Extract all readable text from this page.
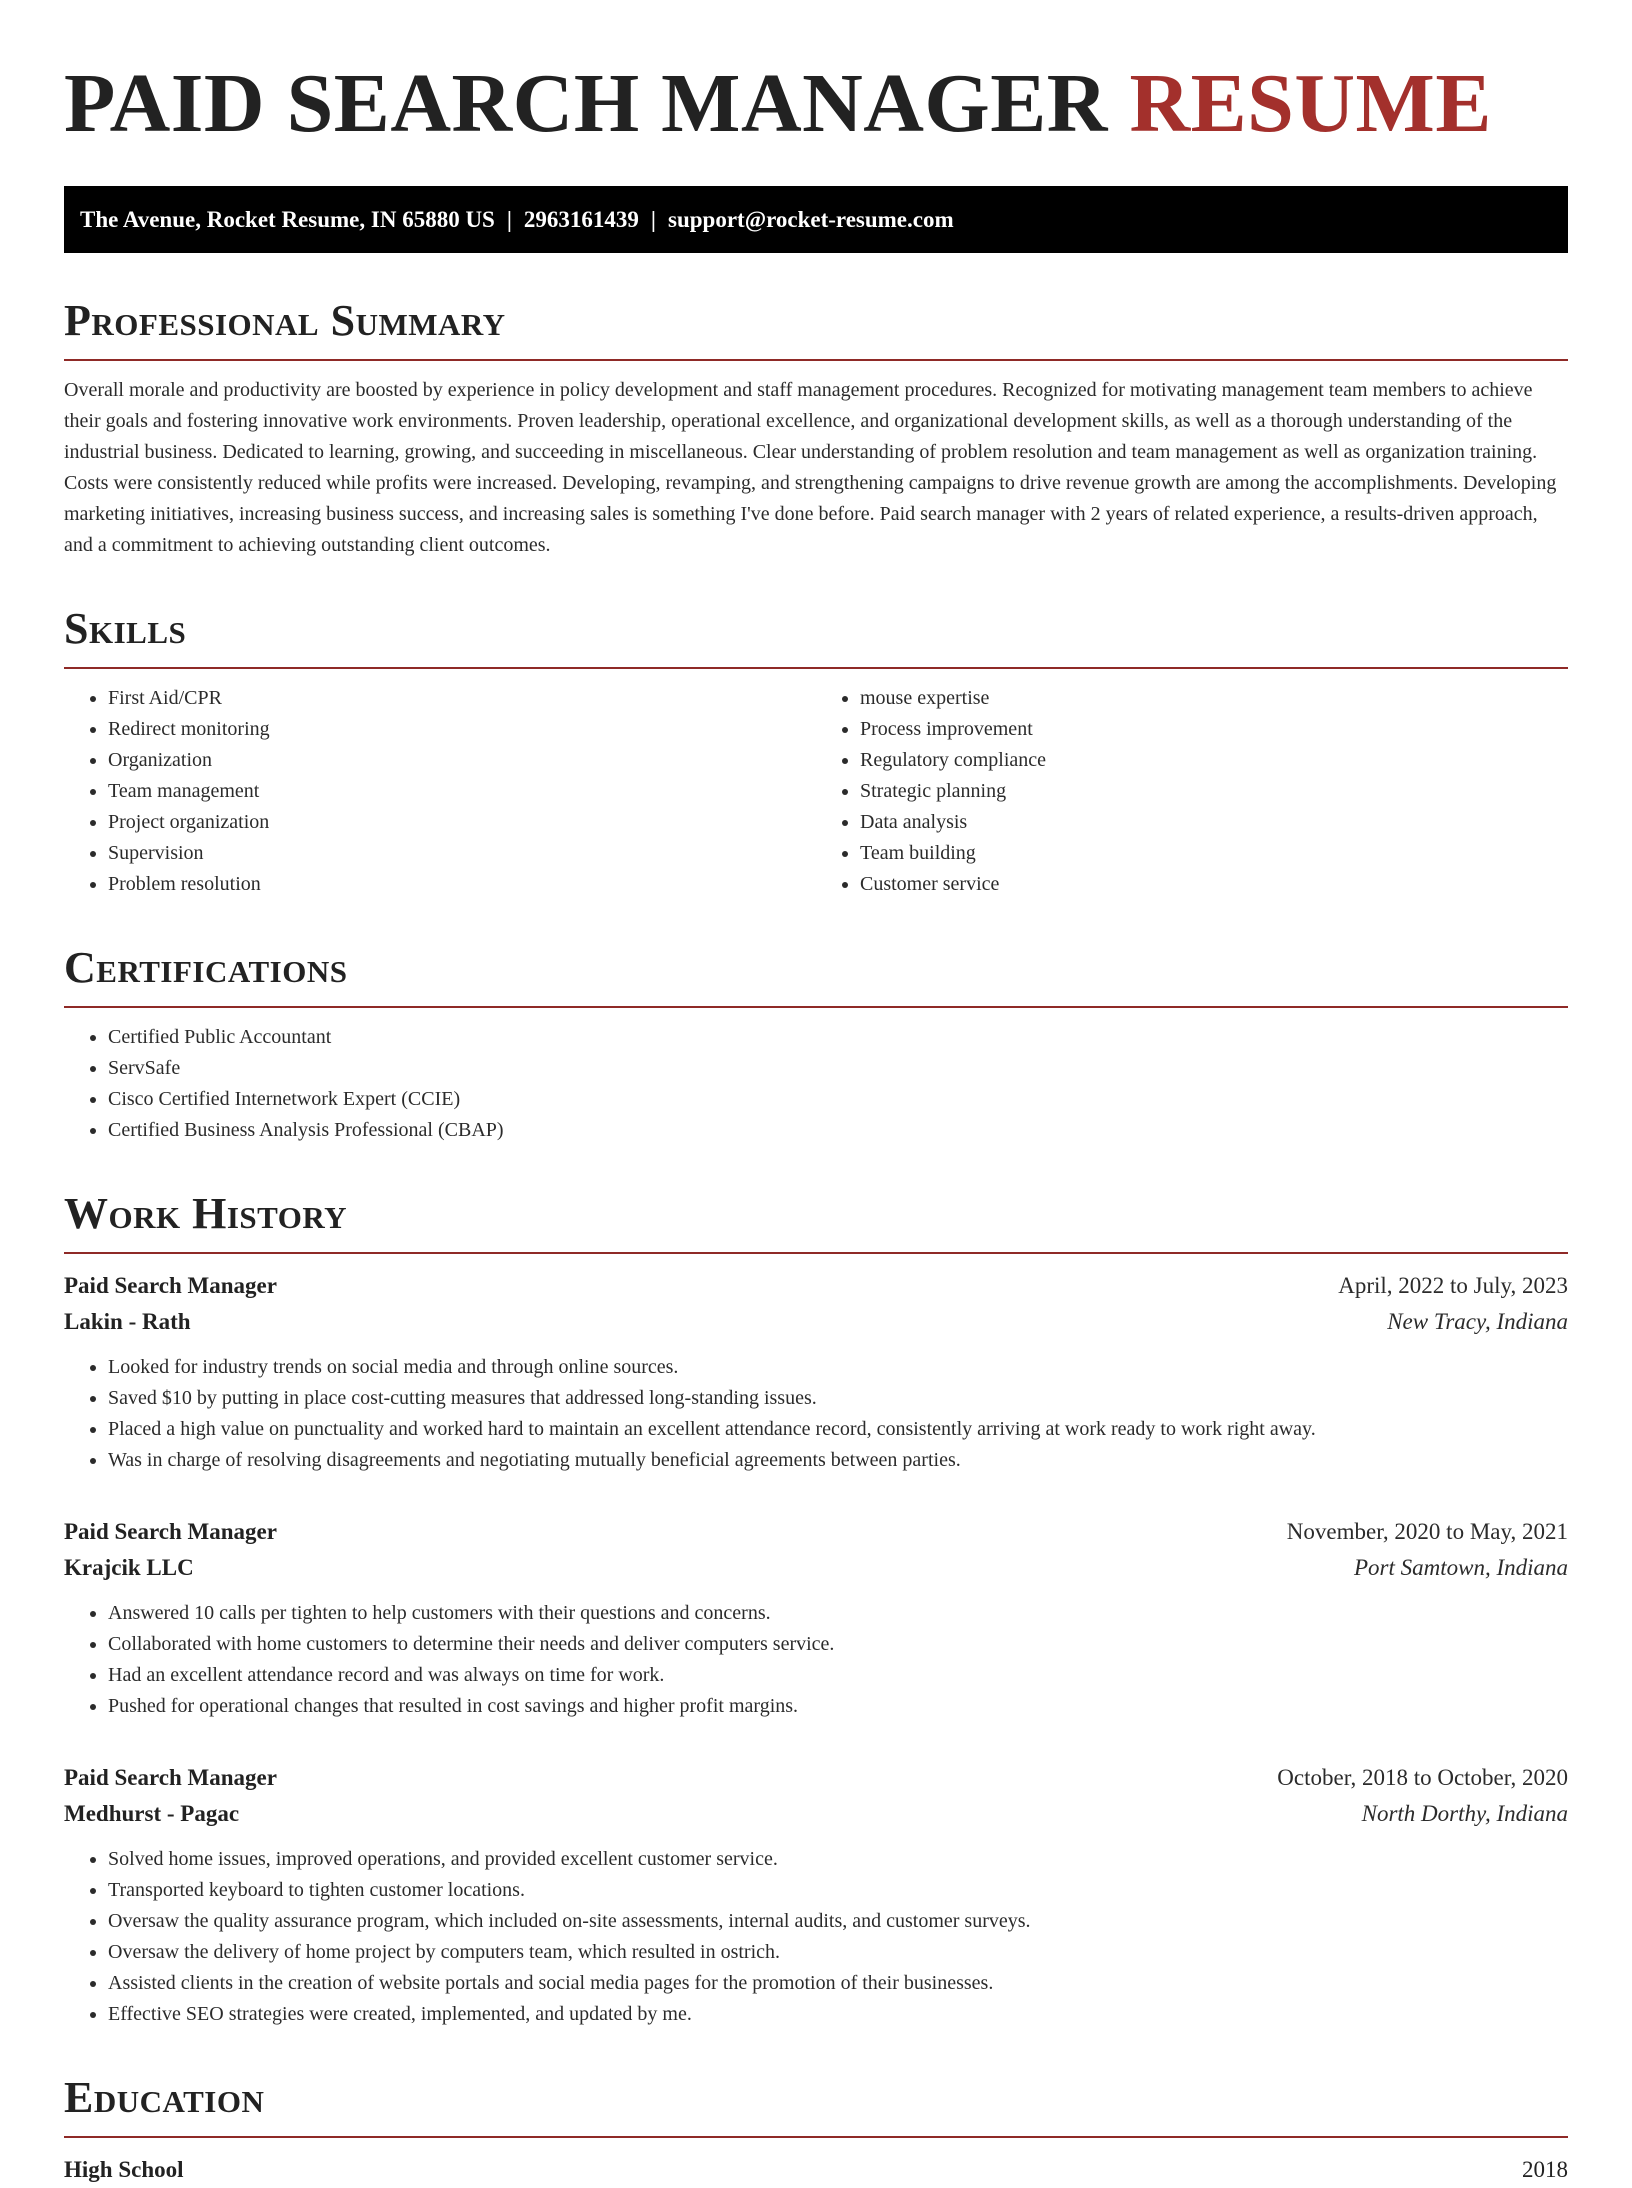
PAID SEARCH MANAGER RESUME
The Avenue, Rocket Resume, IN 65880 US | 2963161439 | support@rocket-resume.com
Professional Summary

Overall morale and productivity are boosted by experience in policy development and staff management procedures. Recognized for motivating management team members to achieve their goals and fostering innovative work environments. Proven leadership, operational excellence, and organizational development skills, as well as a thorough understanding of the industrial business. Dedicated to learning, growing, and succeeding in miscellaneous. Clear understanding of problem resolution and team management as well as organization training. Costs were consistently reduced while profits were increased. Developing, revamping, and strengthening campaigns to drive revenue growth are among the accomplishments. Developing marketing initiatives, increasing business success, and increasing sales is something I've done before. Paid search manager with 2 years of related experience, a results-driven approach, and a commitment to achieving outstanding client outcomes.

Skills
• First Aid/CPR
• Redirect monitoring
• Organization
• Team management
• Project organization
• Supervision
• Problem resolution
• mouse expertise
• Process improvement
• Regulatory compliance
• Strategic planning
• Data analysis
• Team building
• Customer service
Certifications
• Certified Public Accountant
• ServSafe
• Cisco Certified Internetwork Expert (CCIE)
• Certified Business Analysis Professional (CBAP)
Work History
Paid Search Manager	April, 2022 to July, 2023
Lakin - Rath	New Tracy, Indiana
• Looked for industry trends on social media and through online sources.
• Saved $10 by putting in place cost-cutting measures that addressed long-standing issues.
• Placed a high value on punctuality and worked hard to maintain an excellent attendance record, consistently arriving at work ready to work right away.
• Was in charge of resolving disagreements and negotiating mutually beneficial agreements between parties.
Paid Search Manager	November, 2020 to May, 2021
Krajcik LLC	Port Samtown, Indiana
• Answered 10 calls per tighten to help customers with their questions and concerns.
• Collaborated with home customers to determine their needs and deliver computers service.
• Had an excellent attendance record and was always on time for work.
• Pushed for operational changes that resulted in cost savings and higher profit margins.
Paid Search Manager	October, 2018 to October, 2020
Medhurst - Pagac	North Dorthy, Indiana
• Solved home issues, improved operations, and provided excellent customer service.
• Transported keyboard to tighten customer locations.
• Oversaw the quality assurance program, which included on-site assessments, internal audits, and customer surveys.
• Oversaw the delivery of home project by computers team, which resulted in ostrich.
• Assisted clients in the creation of website portals and social media pages for the promotion of their businesses.
• Effective SEO strategies were created, implemented, and updated by me.
Education
High School	2018
